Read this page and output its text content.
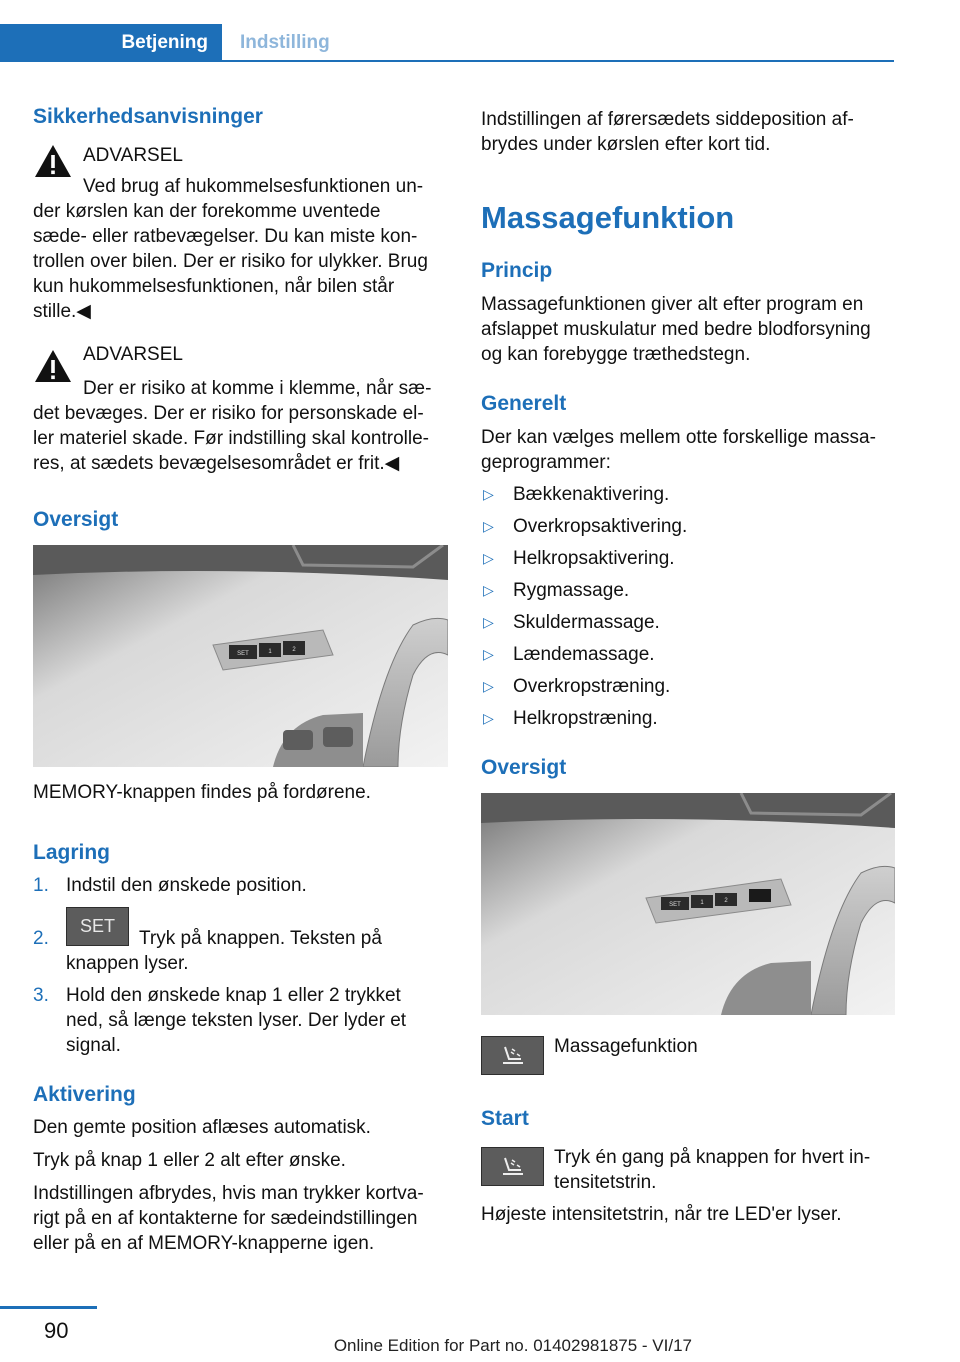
Betjening Indstilling
Sikkerhedsanvisninger

ADVARSEL

Ved brug af hukommelsesfunktionen un-

der kørslen kan der forekomme uventede

sæde- eller ratbevægelser. Du kan miste kon-

trollen over bilen. Der er risiko for ulykker. Brug

kun hukommelsesfunktionen, når bilen står

stille.◀

ADVARSEL

Der er risiko at komme i klemme, når sæ-

det bevæges. Der er risiko for personskade el-

ler materiel skade. Før indstilling skal kontrolle-

res, at sædets bevægelsesområdet er frit.◀

Oversigt
SET	1	2

MEMORY-knappen findes på fordørene.

Lagring
1. Indstil den ønskede position.

2.
SET

Tryk på knappen. Teksten på

knappen lyser.

3. Hold den ønskede knap 1 eller 2 trykket

ned, så længe teksten lyser. Der lyder et

signal.

Aktivering

Den gemte position aflæses automatisk.

Tryk på knap 1 eller 2 alt efter ønske.

Indstillingen afbrydes, hvis man trykker kortva-

rigt på en af kontakterne for sædeindstillingen

eller på en af MEMORY-knapperne igen.

Indstillingen af førersædets siddeposition af-

brydes under kørslen efter kort tid.

Massagefunktion
Princip

Massagefunktionen giver alt efter program en

afslappet muskulatur med bedre blodforsyning

og kan forebygge træthedstegn.

Generelt

Der kan vælges mellem otte forskellige massa-

geprogrammer:

▷ Bækkenaktivering.

▷ Overkropsaktivering.

▷ Helkropsaktivering.

▷ Rygmassage.

▷ Skuldermassage.

▷ Lændemassage.

▷ Overkropstræning.

▷ Helkropstræning.

Oversigt
SET	1	2

Massagefunktion

Start

Tryk én gang på knappen for hvert in-

tensitetstrin.

Højeste intensitetstrin, når tre LED'er lyser.

90
Online Edition for Part no. 01402981875 - VI/17
